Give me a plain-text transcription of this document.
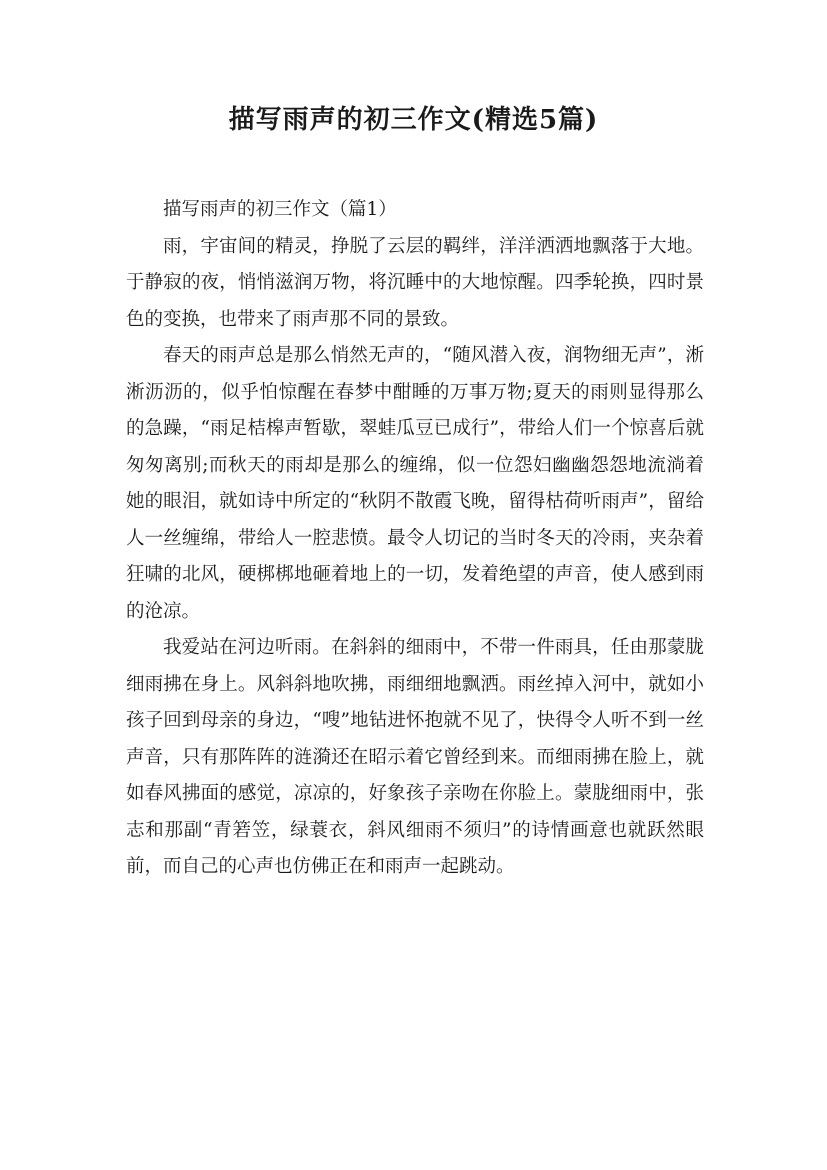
描写雨声的初三作文(精选5篇)

描写雨声的初三作文（篇1）

雨，宇宙间的精灵，挣脱了云层的羁绊，洋洋洒洒地飘落于大地。于静寂的夜，悄悄滋润万物，将沉睡中的大地惊醒。四季轮换，四时景色的变换，也带来了雨声那不同的景致。

春天的雨声总是那么悄然无声的，“随风潜入夜，润物细无声”，淅淅沥沥的，似乎怕惊醒在春梦中酣睡的万事万物;夏天的雨则显得那么的急躁，“雨足桔槔声暂歇，翠蛙瓜豆已成行”，带给人们一个惊喜后就匆匆离别;而秋天的雨却是那么的缠绵，似一位怨妇幽幽怨怨地流淌着她的眼泪，就如诗中所定的“秋阴不散霞飞晚，留得枯荷听雨声”，留给人一丝缠绵，带给人一腔悲愤。最令人切记的当时冬天的冷雨，夹杂着狂啸的北风，硬梆梆地砸着地上的一切，发着绝望的声音，使人感到雨的沧凉。

我爱站在河边听雨。在斜斜的细雨中，不带一件雨具，任由那蒙胧细雨拂在身上。风斜斜地吹拂，雨细细地飘洒。雨丝掉入河中，就如小孩子回到母亲的身边，“嗖”地钻进怀抱就不见了，快得令人听不到一丝声音，只有那阵阵的涟漪还在昭示着它曾经到来。而细雨拂在脸上，就如春风拂面的感觉，凉凉的，好象孩子亲吻在你脸上。蒙胧细雨中，张志和那副“青箬笠，绿蓑衣，斜风细雨不须归”的诗情画意也就跃然眼前，而自己的心声也仿佛正在和雨声一起跳动。
